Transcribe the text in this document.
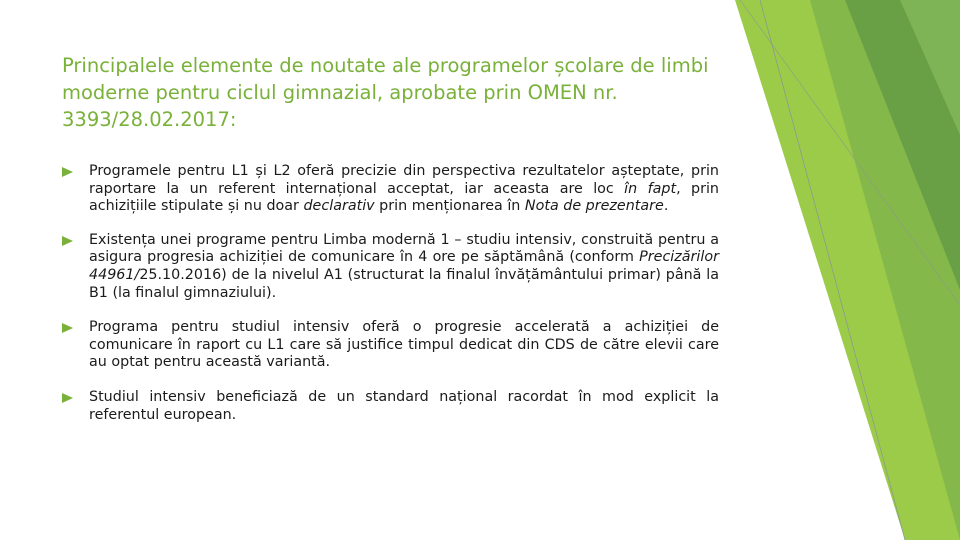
Principalele elemente de noutate ale programelor școlare de limbi moderne pentru ciclul gimnazial, aprobate prin OMEN nr. 3393/28.02.2017:
Programele pentru L1 și L2 oferă precizie din perspectiva rezultatelor așteptate, prin raportare la un referent internațional acceptat, iar aceasta are loc în fapt, prin achizițiile stipulate și nu doar declarativ prin menționarea în Nota de prezentare.
Existența unei programe pentru Limba modernă 1 – studiu intensiv, construită pentru a asigura progresia achiziției de comunicare în 4 ore pe săptămână (conform Precizărilor 44961/25.10.2016) de la nivelul A1 (structurat la finalul învățământului primar) până la B1 (la finalul gimnaziului).
Programa pentru studiul intensiv oferă o progresie accelerată a achiziției de comunicare în raport cu L1 care să justifice timpul dedicat din CDS de către elevii care au optat pentru această variantă.
Studiul intensiv beneficiază de un standard național racordat în mod explicit la referentul european.
